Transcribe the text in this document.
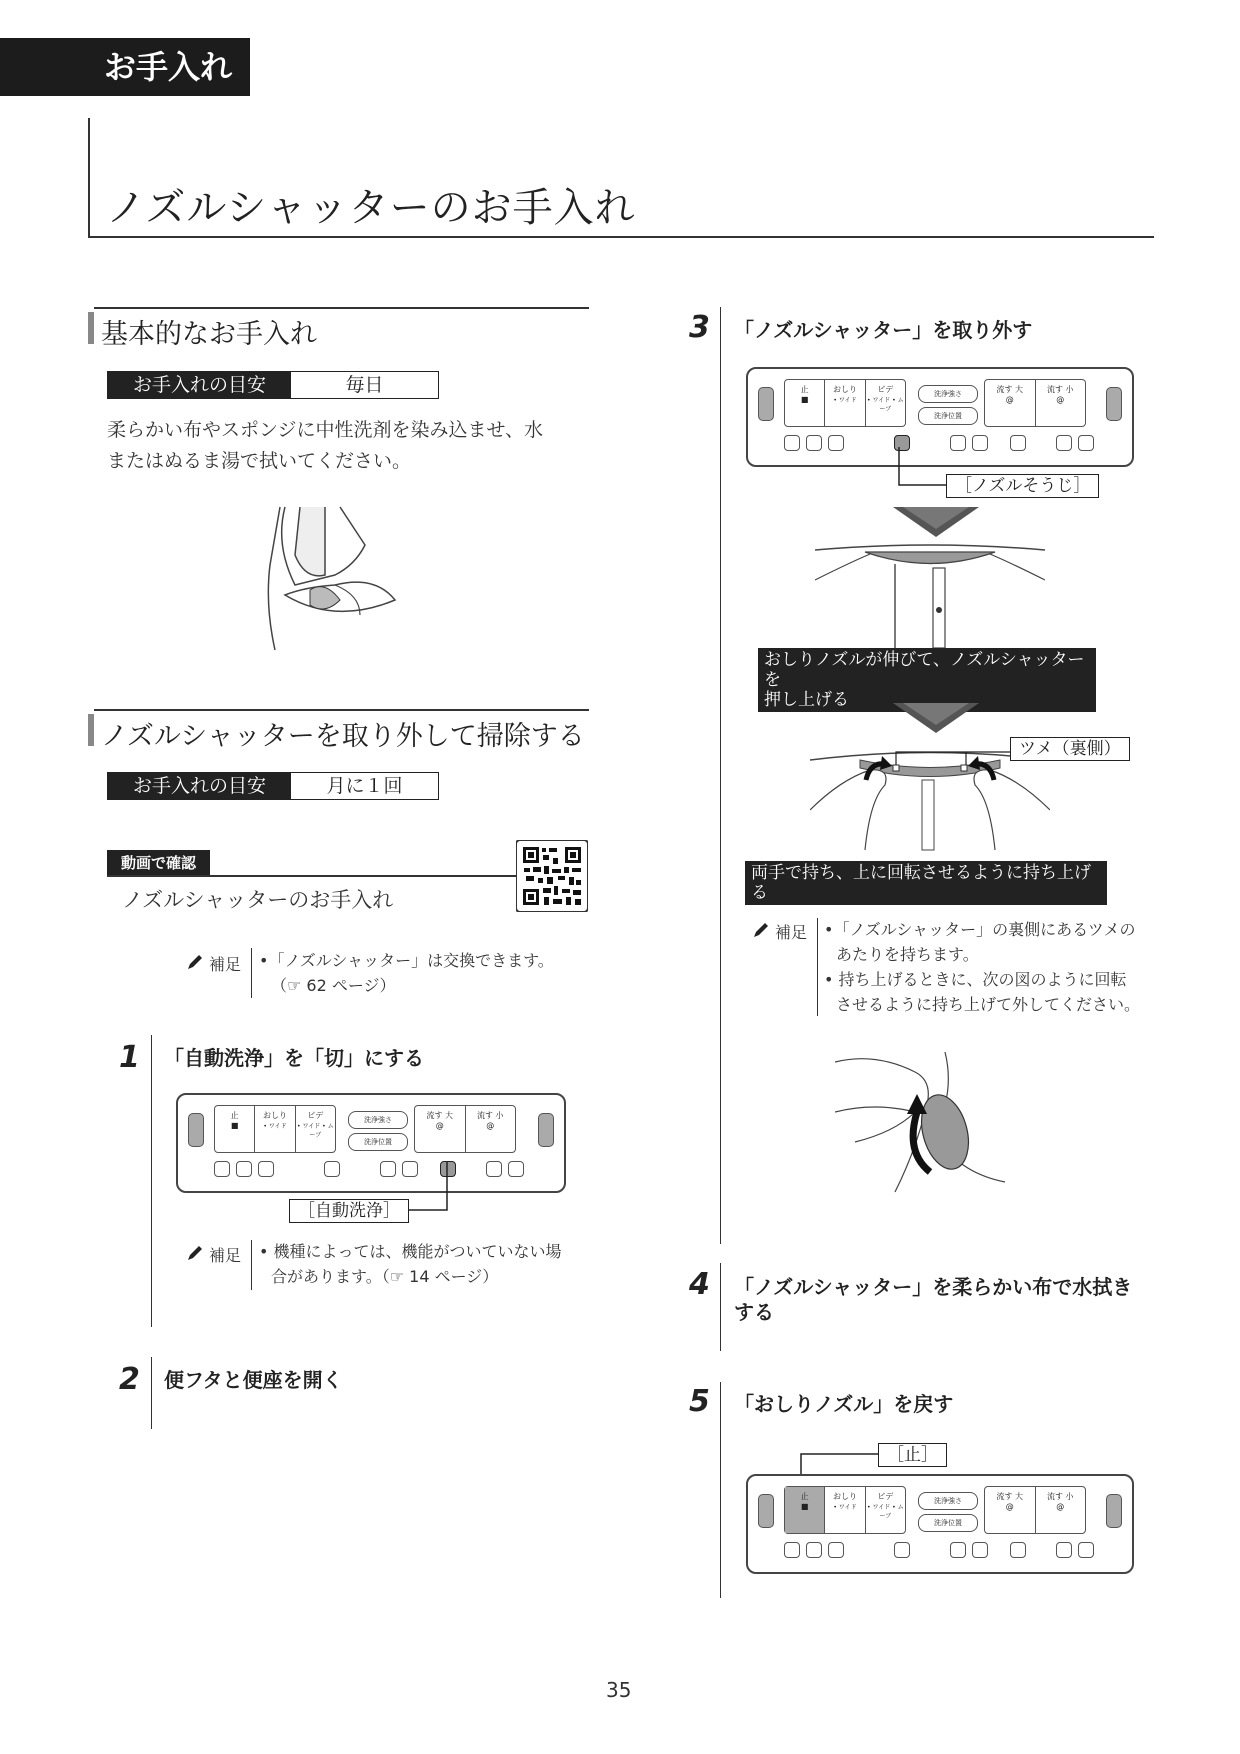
お手入れ
ノズルシャッターのお手入れ
基本的なお手入れ
お手入れの目安	毎日
柔らかい布やスポンジに中性洗剤を染み込ませ、水
またはぬるま湯で拭いてください。
ノズルシャッターを取り外して掃除する
お手入れの目安	月に１回
動画で確認
ノズルシャッターのお手入れ
補足 •「ノズルシャッター」は交換できます。
（☞ 62 ページ）
1 「自動洗浄」を「切」にする
止
■
おしり
• ワイド
ビデ
• ワイド • ムーブ
洗浄強さ
洗浄位置
流す 大
@
流す 小
@
［自動洗浄］
補足 • 機種によっては、機能がついていない場
合があります。（☞ 14 ページ）
2 便フタと便座を開く
3 「ノズルシャッター」を取り外す
止
■
おしり
• ワイド
ビデ
• ワイド • ムーブ
洗浄強さ
洗浄位置
流す 大
@
流す 小
@
［ノズルそうじ］
おしりノズルが伸びて、ノズルシャッターを
押し上げる
ツメ（裏側）
両手で持ち、上に回転させるように持ち上げる
補足 •「ノズルシャッター」の裏側にあるツメの
あたりを持ちます。
• 持ち上げるときに、次の図のように回転
させるように持ち上げて外してください。
4 「ノズルシャッター」を柔らかい布で水拭き
する
5 「おしりノズル」を戻す
［止］
止
■
おしり
• ワイド
ビデ
• ワイド • ムーブ
洗浄強さ
洗浄位置
流す 大
@
流す 小
@
35
